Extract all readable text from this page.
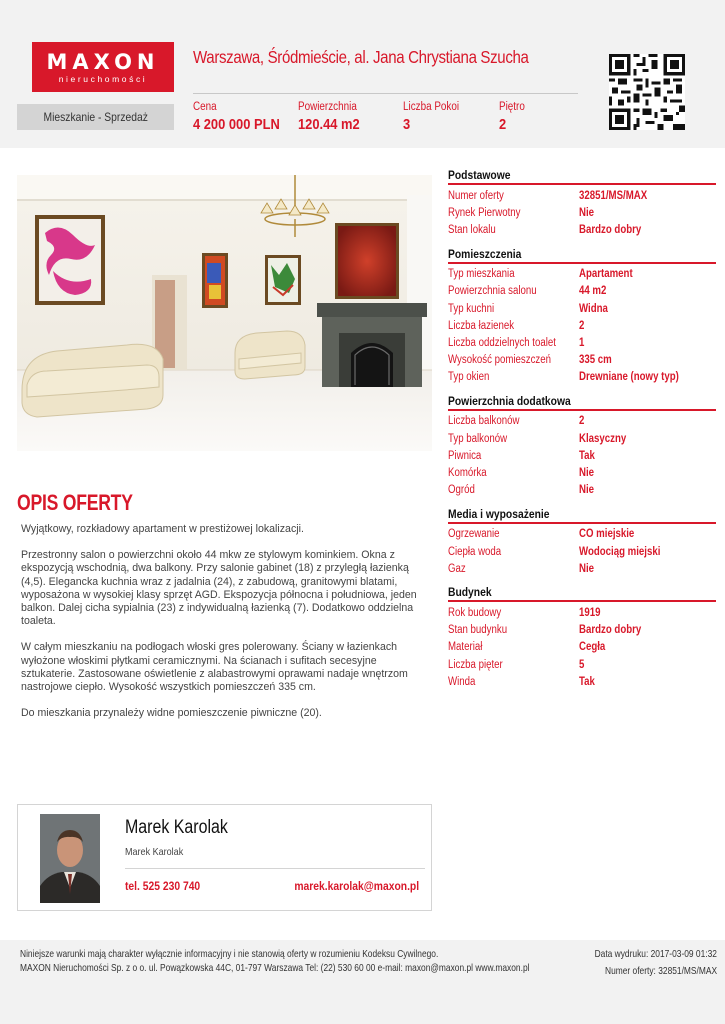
MAXON
nieruchomości
Warszawa, Śródmieście, al. Jana Chrystiana Szucha
Mieszkanie - Sprzedaż
Cena
4 200 000 PLN
Powierzchnia
120.44 m2
Liczba Pokoi
3
Piętro
2
OPIS OFERTY

Wyjątkowy, rozkładowy apartament w prestiżowej lokalizacji.

Przestronny salon o powierzchni około 44 mkw ze stylowym kominkiem. Okna z ekspozycją wschodnią, dwa balkony. Przy salonie gabinet (18) z przyległą łazienką (4,5). Elegancka kuchnia wraz z jadalnia (24), z zabudową, granitowymi blatami, wyposażona w wysokiej klasy sprzęt AGD. Ekspozycja północna i południowa, jeden balkon. Dalej cicha sypialnia (23) z indywidualną łazienką (7). Dodatkowo oddzielna toaleta.

W całym mieszkaniu na podłogach włoski gres polerowany. Ściany w łazienkach wyłożone włoskimi płytkami ceramicznymi. Na ścianach i sufitach secesyjne sztukaterie. Zastosowane oświetlenie z alabastrowymi oprawami nadaje wnętrzom nastrojowe ciepło. Wysokość wszystkich pomieszczeń 335 cm.

Do mieszkania przynależy widne pomieszczenie piwniczne (20).

Podstawowe
Numer oferty	32851/MS/MAX
Rynek Pierwotny	Nie
Stan lokalu	Bardzo dobry
Pomieszczenia
Typ mieszkania	Apartament
Powierzchnia salonu	44 m2
Typ kuchni	Widna
Liczba łazienek	2
Liczba oddzielnych toalet	1
Wysokość pomieszczeń	335 cm
Typ okien	Drewniane (nowy typ)
Powierzchnia dodatkowa
Liczba balkonów	2
Typ balkonów	Klasyczny
Piwnica	Tak
Komórka	Nie
Ogród	Nie
Media i wyposażenie
Ogrzewanie	CO miejskie
Ciepła woda	Wodociąg miejski
Gaz	Nie
Budynek
Rok budowy	1919
Stan budynku	Bardzo dobry
Materiał	Cegła
Liczba pięter	5
Winda	Tak
Marek Karolak
Marek Karolak
tel. 525 230 740	marek.karolak@maxon.pl
Niniejsze warunki mają charakter wyłącznie informacyjny i nie stanowią oferty w rozumieniu Kodeksu Cywilnego.
MAXON Nieruchomości Sp. z o o. ul. Powązkowska 44C, 01-797 Warszawa Tel: (22) 530 60 00 e-mail: maxon@maxon.pl www.maxon.pl
Data wydruku: 2017-03-09 01:32
Numer oferty: 32851/MS/MAX
